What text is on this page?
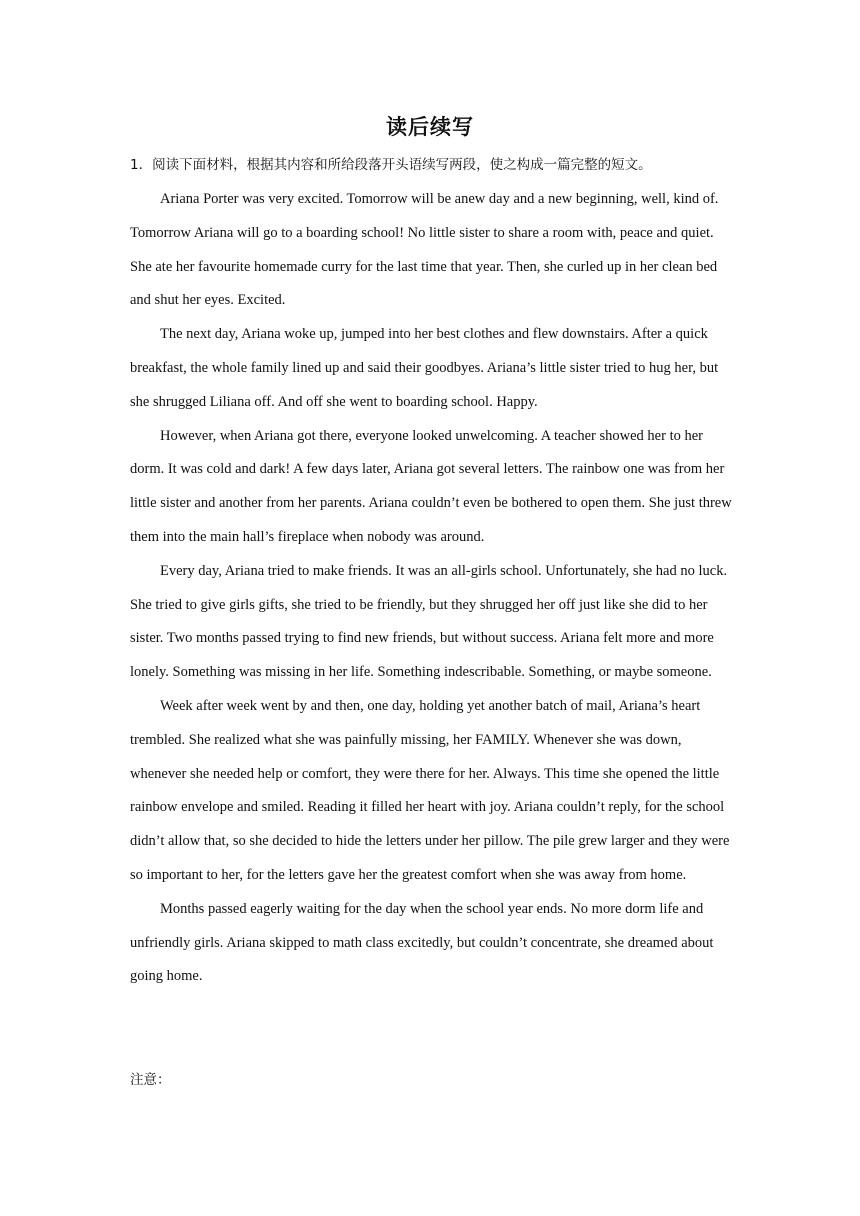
读后续写
1．阅读下面材料，根据其内容和所给段落开头语续写两段，使之构成一篇完整的短文。

Ariana Porter was very excited. Tomorrow will be anew day and a new beginning, well, kind of. Tomorrow Ariana will go to a boarding school! No little sister to share a room with, peace and quiet. She ate her favourite homemade curry for the last time that year. Then, she curled up in her clean bed and shut her eyes. Excited.

The next day, Ariana woke up, jumped into her best clothes and flew downstairs. After a quick breakfast, the whole family lined up and said their goodbyes. Ariana’s little sister tried to hug her, but she shrugged Liliana off. And off she went to boarding school. Happy.

However, when Ariana got there, everyone looked unwelcoming. A teacher showed her to her dorm. It was cold and dark! A few days later, Ariana got several letters. The rainbow one was from her little sister and another from her parents. Ariana couldn’t even be bothered to open them. She just threw them into the main hall’s fireplace when nobody was around.

Every day, Ariana tried to make friends. It was an all-girls school. Unfortunately, she had no luck. She tried to give girls gifts, she tried to be friendly, but they shrugged her off just like she did to her sister. Two months passed trying to find new friends, but without success. Ariana felt more and more lonely. Something was missing in her life. Something indescribable. Something, or maybe someone.

Week after week went by and then, one day, holding yet another batch of mail, Ariana’s heart trembled. She realized what she was painfully missing, her FAMILY. Whenever she was down, whenever she needed help or comfort, they were there for her. Always. This time she opened the little rainbow envelope and smiled. Reading it filled her heart with joy. Ariana couldn’t reply, for the school didn’t allow that, so she decided to hide the letters under her pillow. The pile grew larger and they were so important to her, for the letters gave her the greatest comfort when she was away from home.

Months passed eagerly waiting for the day when the school year ends. No more dorm life and unfriendly girls. Ariana skipped to math class excitedly, but couldn’t concentrate, she dreamed about going home.

注意：
